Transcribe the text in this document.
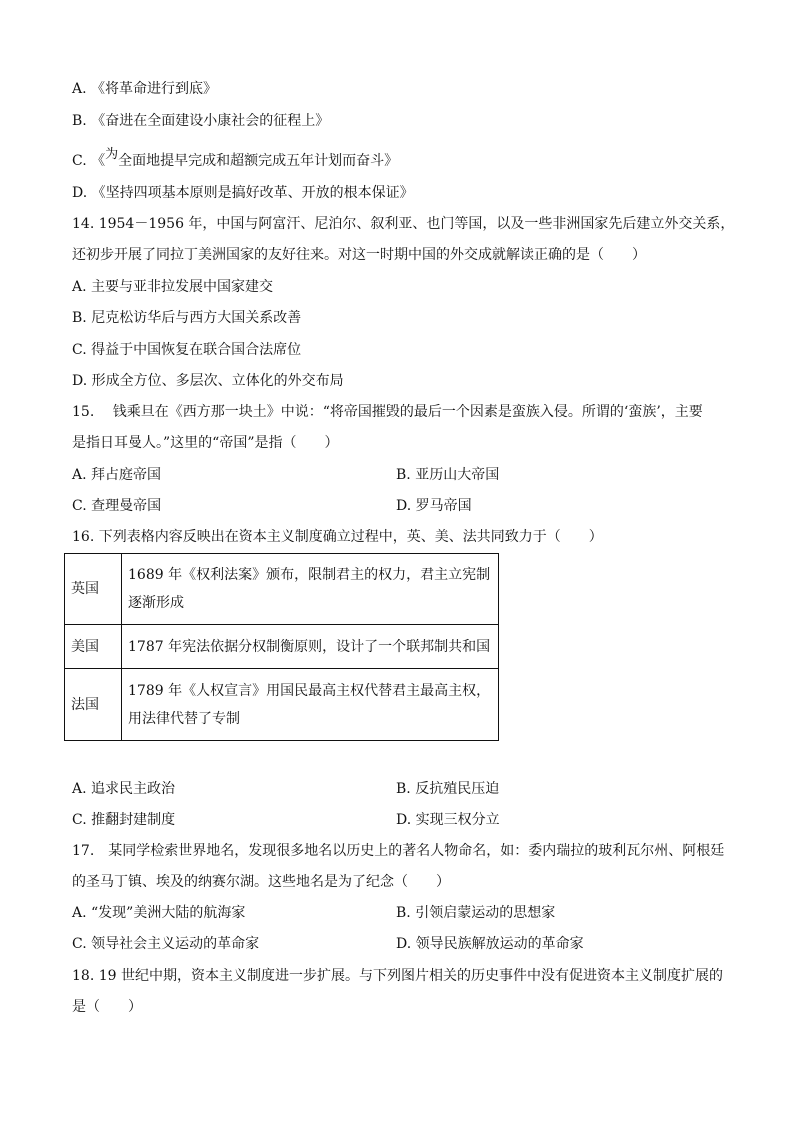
A. 《将革命进行到底》
B. 《奋进在全面建设小康社会的征程上》
C. 《为全面地提早完成和超额完成五年计划而奋斗》
D. 《坚持四项基本原则是搞好改革、开放的根本保证》
14. 1954－1956 年，中国与阿富汗、尼泊尔、叙利亚、也门等国，以及一些非洲国家先后建立外交关系，
还初步开展了同拉丁美洲国家的友好往来。对这一时期中国的外交成就解读正确的是（　　）
A. 主要与亚非拉发展中国家建交
B. 尼克松访华后与西方大国关系改善
C. 得益于中国恢复在联合国合法席位
D. 形成全方位、多层次、立体化的外交布局
15.　 钱乘旦在《西方那一块土》中说：“将帝国摧毁的最后一个因素是蛮族入侵。所谓的‘蛮族’，主要
是指日耳曼人。”这里的“帝国”是指（　　）
A. 拜占庭帝国	B. 亚历山大帝国
C. 查理曼帝国	D. 罗马帝国
16. 下列表格内容反映出在资本主义制度确立过程中，英、美、法共同致力于（　　）
英国	1689 年《权利法案》颁布，限制君主的权力，君主立宪制
逐渐形成

美国	1787 年宪法依据分权制衡原则，设计了一个联邦制共和国

法国	1789 年《人权宣言》用国民最高主权代替君主最高主权，
用法律代替了专制
A. 追求民主政治	B. 反抗殖民压迫
C. 推翻封建制度	D. 实现三权分立
17.　某同学检索世界地名，发现很多地名以历史上的著名人物命名，如：委内瑞拉的玻利瓦尔州、阿根廷
的圣马丁镇、埃及的纳赛尔湖。这些地名是为了纪念（　　）
A. “发现”美洲大陆的航海家	B. 引领启蒙运动的思想家
C. 领导社会主义运动的革命家	D. 领导民族解放运动的革命家
18. 19 世纪中期，资本主义制度进一步扩展。与下列图片相关的历史事件中没有促进资本主义制度扩展的
是（　　）
